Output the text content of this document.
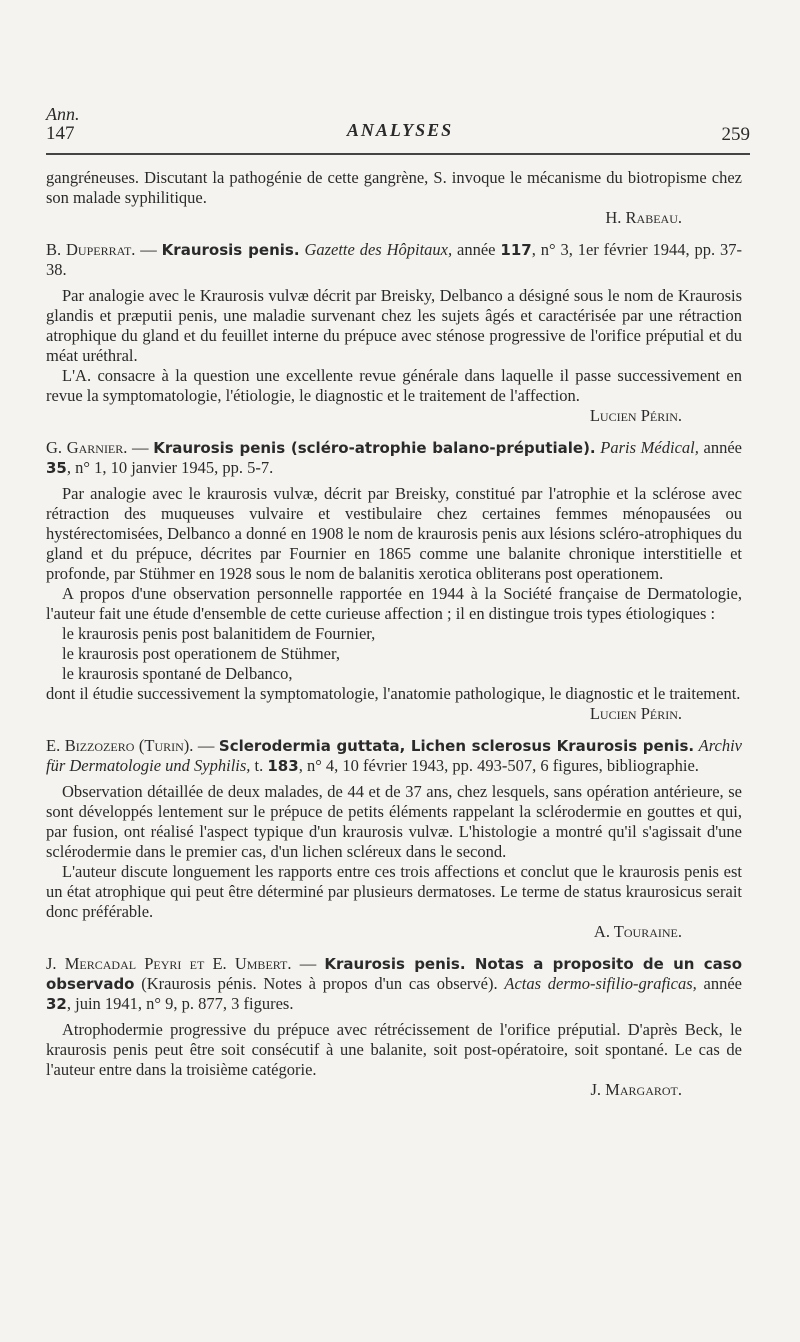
Ann.
147	ANALYSES	259

gangréneuses. Discutant la pathogénie de cette gangrène, S. invoque le mécanisme du biotropisme chez son malade syphilitique.

H. Rabeau.

B. Duperrat. — Kraurosis penis. Gazette des Hôpitaux, année 117, n° 3, 1er février 1944, pp. 37-38.

Par analogie avec le Kraurosis vulvæ décrit par Breisky, Delbanco a désigné sous le nom de Kraurosis glandis et præputii penis, une maladie survenant chez les sujets âgés et caractérisée par une rétraction atrophique du gland et du feuillet interne du prépuce avec sténose progressive de l'orifice préputial et du méat uréthral.

L'A. consacre à la question une excellente revue générale dans laquelle il passe successivement en revue la symptomatologie, l'étiologie, le diagnostic et le traitement de l'affection.

Lucien Périn.

G. Garnier. — Kraurosis penis (scléro-atrophie balano-préputiale). Paris Médical, année 35, n° 1, 10 janvier 1945, pp. 5-7.

Par analogie avec le kraurosis vulvæ, décrit par Breisky, constitué par l'atrophie et la sclérose avec rétraction des muqueuses vulvaire et vestibulaire chez certaines femmes ménopausées ou hystérectomisées, Delbanco a donné en 1908 le nom de kraurosis penis aux lésions scléro-atrophiques du gland et du prépuce, décrites par Fournier en 1865 comme une balanite chronique interstitielle et profonde, par Stühmer en 1928 sous le nom de balanitis xerotica obliterans post operationem.

A propos d'une observation personnelle rapportée en 1944 à la Société française de Dermatologie, l'auteur fait une étude d'ensemble de cette curieuse affection ; il en distingue trois types étiologiques :

le kraurosis penis post balanitidem de Fournier,
le kraurosis post operationem de Stühmer,
le kraurosis spontané de Delbanco,

dont il étudie successivement la symptomatologie, l'anatomie pathologique, le diagnostic et le traitement.

Lucien Périn.

E. Bizzozero (Turin). — Sclerodermia guttata, Lichen sclerosus Kraurosis penis. Archiv für Dermatologie und Syphilis, t. 183, n° 4, 10 février 1943, pp. 493-507, 6 figures, bibliographie.

Observation détaillée de deux malades, de 44 et de 37 ans, chez lesquels, sans opération antérieure, se sont développés lentement sur le prépuce de petits éléments rappelant la sclérodermie en gouttes et qui, par fusion, ont réalisé l'aspect typique d'un kraurosis vulvæ. L'histologie a montré qu'il s'agissait d'une sclérodermie dans le premier cas, d'un lichen scléreux dans le second.

L'auteur discute longuement les rapports entre ces trois affections et conclut que le kraurosis penis est un état atrophique qui peut être déterminé par plusieurs dermatoses. Le terme de status kraurosicus serait donc préférable.

A. Touraine.

J. Mercadal Peyri et E. Umbert. — Kraurosis penis. Notas a proposito de un caso observado (Kraurosis pénis. Notes à propos d'un cas observé). Actas dermo-sifilio-graficas, année 32, juin 1941, n° 9, p. 877, 3 figures.

Atrophodermie progressive du prépuce avec rétrécissement de l'orifice préputial. D'après Beck, le kraurosis penis peut être soit consécutif à une balanite, soit post-opératoire, soit spontané. Le cas de l'auteur entre dans la troisième catégorie.

J. Margarot.
